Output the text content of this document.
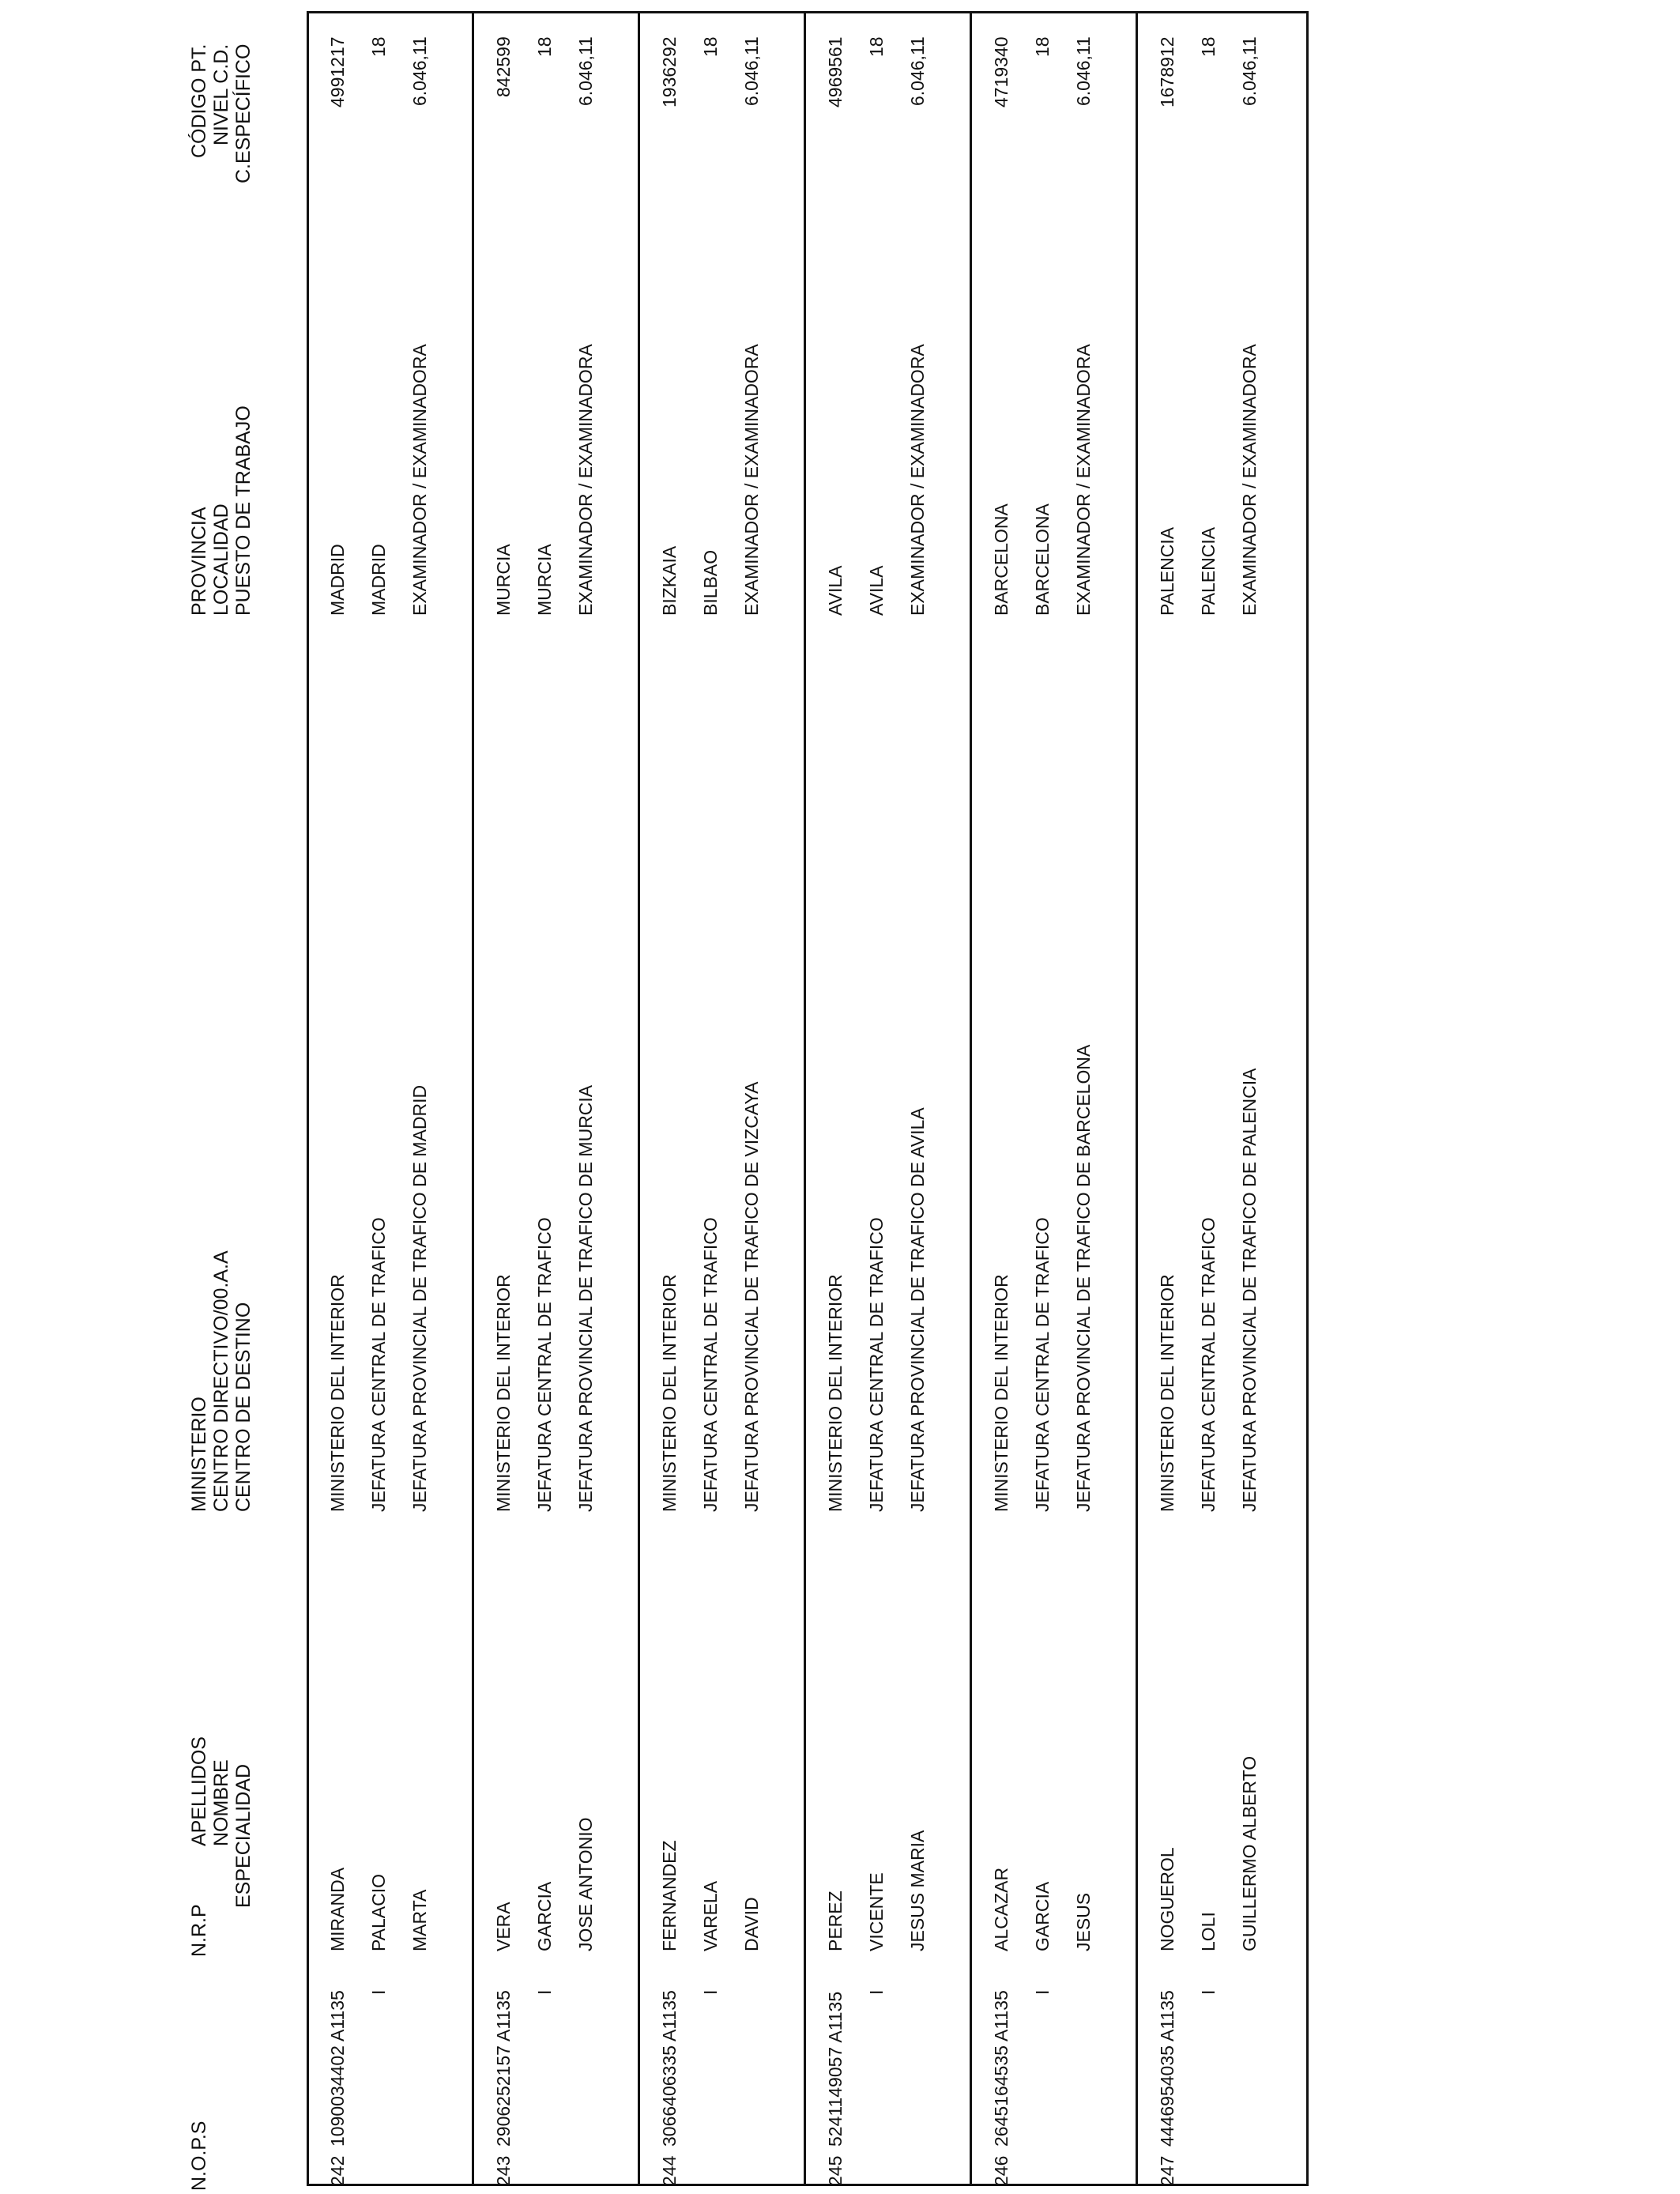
N.O.P.S
N.R.P
ESPECIALIDAD
APELLIDOS NOMBRE
MINISTERIO CENTRO DIRECTIVO/00.A.A CENTRO DE DESTINO
PROVINCIA LOCALIDAD PUESTO DE TRABAJO
CÓDIGO PT. NIVEL C.D. C.ESPECÍFICO
242
1090034402 A1135 I
MIRANDA PALACIO MARTA
MINISTERIO DEL INTERIOR JEFATURA CENTRAL DE TRAFICO JEFATURA PROVINCIAL DE TRAFICO DE MADRID
MADRID MADRID EXAMINADOR / EXAMINADORA
4991217 18 6.046,11
243
2906252157 A1135 I
VERA GARCIA JOSE ANTONIO
MINISTERIO DEL INTERIOR JEFATURA CENTRAL DE TRAFICO JEFATURA PROVINCIAL DE TRAFICO DE MURCIA
MURCIA MURCIA EXAMINADOR / EXAMINADORA
842599 18 6.046,11
244
3066406335 A1135 I
FERNANDEZ VARELA DAVID
MINISTERIO DEL INTERIOR JEFATURA CENTRAL DE TRAFICO JEFATURA PROVINCIAL DE TRAFICO DE VIZCAYA
BIZKAIA BILBAO EXAMINADOR / EXAMINADORA
1936292 18 6.046,11
245
5241149057 A1135 I
PEREZ VICENTE JESUS MARIA
MINISTERIO DEL INTERIOR JEFATURA CENTRAL DE TRAFICO JEFATURA PROVINCIAL DE TRAFICO DE AVILA
AVILA AVILA EXAMINADOR / EXAMINADORA
4969561 18 6.046,11
246
2645164535 A1135 I
ALCAZAR GARCIA JESUS
MINISTERIO DEL INTERIOR JEFATURA CENTRAL DE TRAFICO JEFATURA PROVINCIAL DE TRAFICO DE BARCELONA
BARCELONA BARCELONA EXAMINADOR / EXAMINADORA
4719340 18 6.046,11
247
4446954035 A1135 I
NOGUEROL LOLI GUILLERMO ALBERTO
MINISTERIO DEL INTERIOR JEFATURA CENTRAL DE TRAFICO JEFATURA PROVINCIAL DE TRAFICO DE PALENCIA
PALENCIA PALENCIA EXAMINADOR / EXAMINADORA
1678912 18 6.046,11
